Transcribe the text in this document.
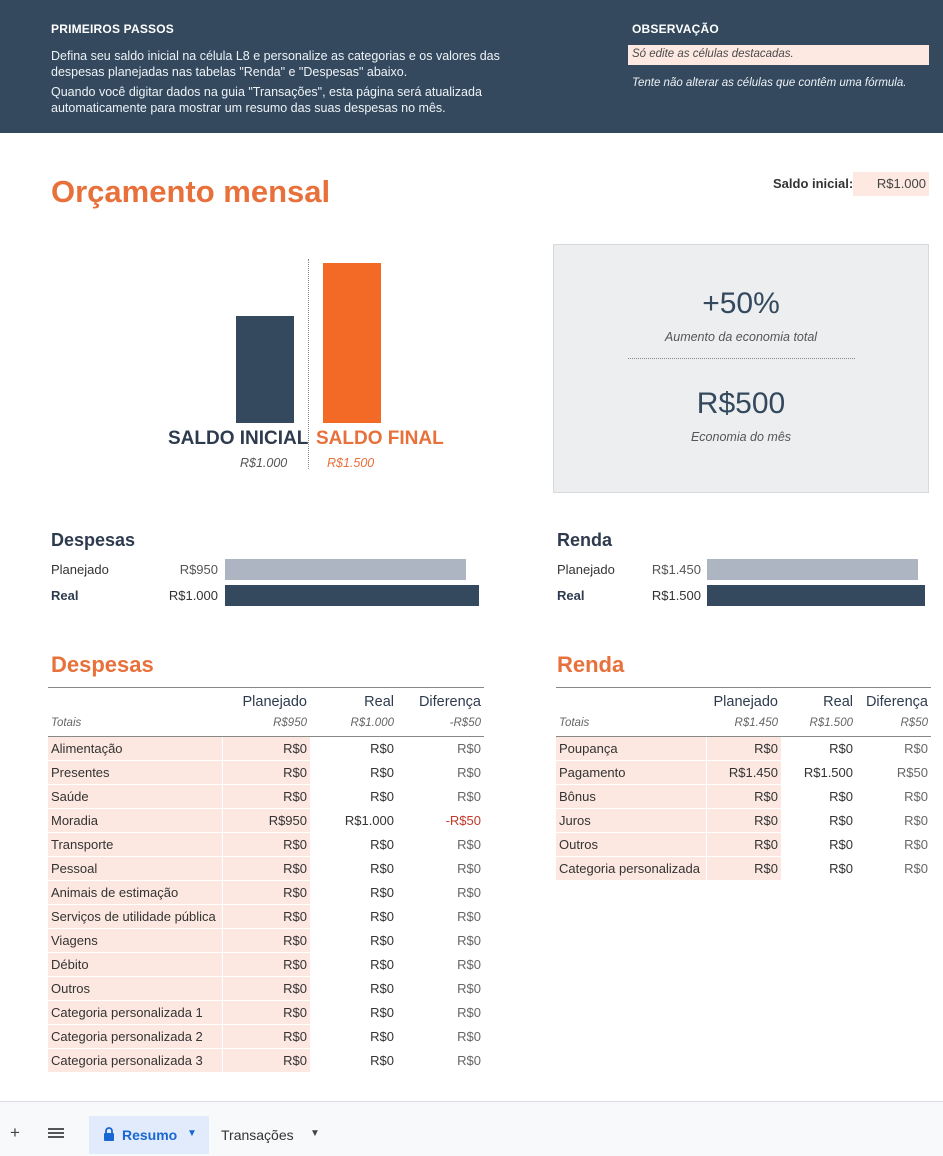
PRIMEIROS PASSOS
Defina seu saldo inicial na célula L8 e personalize as categorias e os valores das
despesas planejadas nas tabelas "Renda" e "Despesas" abaixo.
Quando você digitar dados na guia "Transações", esta página será atualizada
automaticamente para mostrar um resumo das suas despesas no mês.
OBSERVAÇÃO
Só edite as células destacadas.
Tente não alterar as células que contêm uma fórmula.
Orçamento mensal	Saldo inicial:	R$1.000
SALDO INICIAL
R$1.000
SALDO FINAL
R$1.500
+50%
Aumento da economia total
R$500
Economia do mês
Despesas
Planejado	R$950
Real	R$1.000
Renda
Planejado	R$1.450
Real	R$1.500
Despesas
	Planejado	Real	Diferença
Totais	R$950	R$1.000	-R$50
Alimentação	R$0	R$0	R$0
Presentes	R$0	R$0	R$0
Saúde	R$0	R$0	R$0
Moradia	R$950	R$1.000	-R$50
Transporte	R$0	R$0	R$0
Pessoal	R$0	R$0	R$0
Animais de estimação	R$0	R$0	R$0
Serviços de utilidade pública	R$0	R$0	R$0
Viagens	R$0	R$0	R$0
Débito	R$0	R$0	R$0
Outros	R$0	R$0	R$0
Categoria personalizada 1	R$0	R$0	R$0
Categoria personalizada 2	R$0	R$0	R$0
Categoria personalizada 3	R$0	R$0	R$0
Renda
	Planejado	Real	Diferença
Totais	R$1.450	R$1.500	R$50
Poupança	R$0	R$0	R$0
Pagamento	R$1.450	R$1.500	R$50
Bônus	R$0	R$0	R$0
Juros	R$0	R$0	R$0
Outros	R$0	R$0	R$0
Categoria personalizada	R$0	R$0	R$0
+	Resumo ▼ Transações ▼
